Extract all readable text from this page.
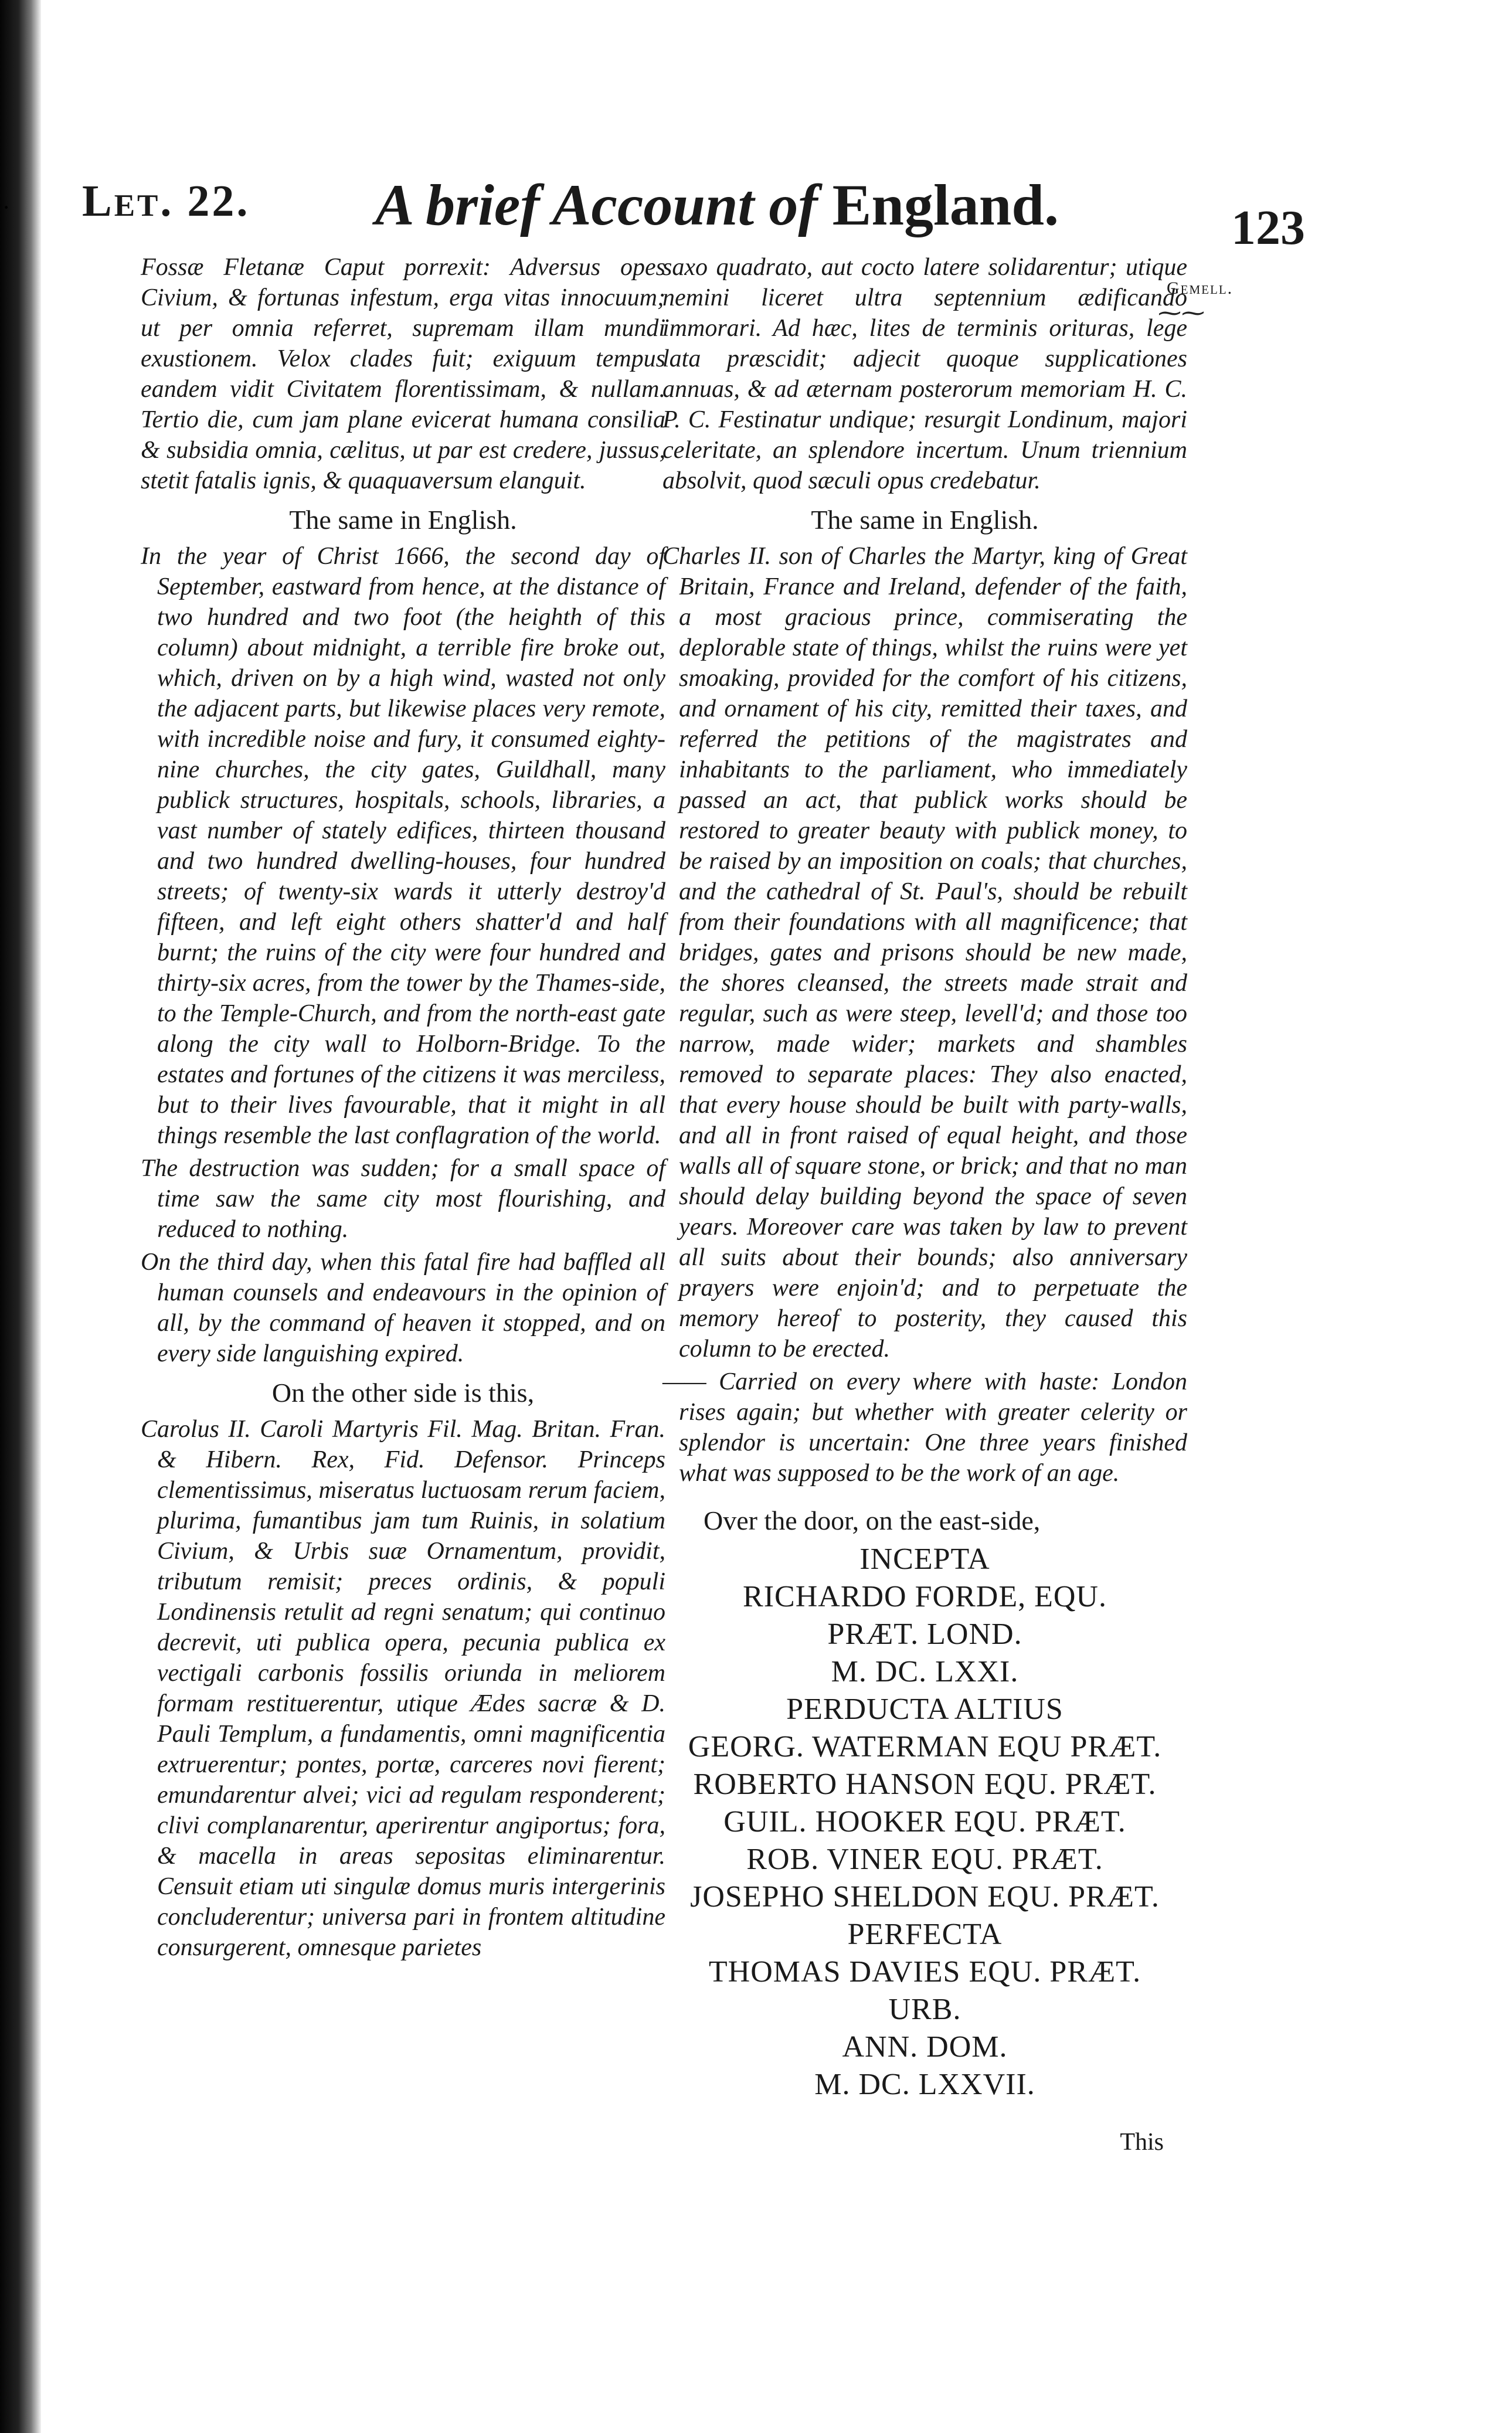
· Let. 22. A brief Account of England.	123
Gemell.
⁓⁓

Fossæ Fletanæ Caput porrexit: Adversus opes Civium, & fortunas infestum, erga vitas innocuum; ut per omnia referret, supremam illam mundi exustionem. Velox clades fuit; exiguum tempus eandem vidit Civitatem florentissimam, & nullam. Tertio die, cum jam plane evicerat humana consilia & subsidia omnia, cælitus, ut par est credere, jussus, stetit fatalis ignis, & quaquaversum elanguit.

The same in English.

In the year of Christ 1666, the second day of September, eastward from hence, at the distance of two hundred and two foot (the heighth of this column) about midnight, a terrible fire broke out, which, driven on by a high wind, wasted not only the adjacent parts, but likewise places very remote, with incredible noise and fury, it consumed eighty-nine churches, the city gates, Guildhall, many publick structures, hospitals, schools, libraries, a vast number of stately edifices, thirteen thousand and two hundred dwelling-houses, four hundred streets; of twenty-six wards it utterly destroy'd fifteen, and left eight others shatter'd and half burnt; the ruins of the city were four hundred and thirty-six acres, from the tower by the Thames-side, to the Temple-Church, and from the north-east gate along the city wall to Holborn-Bridge. To the estates and fortunes of the citizens it was merciless, but to their lives favourable, that it might in all things resemble the last conflagration of the world.

The destruction was sudden; for a small space of time saw the same city most flourishing, and reduced to nothing.

On the third day, when this fatal fire had baffled all human counsels and endeavours in the opinion of all, by the command of heaven it stopped, and on every side languishing expired.

On the other side is this,

Carolus II. Caroli Martyris Fil. Mag. Britan. Fran. & Hibern. Rex, Fid. Defensor. Princeps clementissimus, miseratus luctuosam rerum faciem, plurima, fumantibus jam tum Ruinis, in solatium Civium, & Urbis suæ Ornamentum, providit, tributum remisit; preces ordinis, & populi Londinensis retulit ad regni senatum; qui continuo decrevit, uti publica opera, pecunia publica ex vectigali carbonis fossilis oriunda in meliorem formam restituerentur, utique Ædes sacræ & D. Pauli Templum, a fundamentis, omni magnificentia extruerentur; pontes, portæ, carceres novi fierent; emundarentur alvei; vici ad regulam responderent; clivi complanarentur, aperirentur angiportus; fora, & macella in areas sepositas eliminarentur. Censuit etiam uti singulæ domus muris intergerinis concluderentur; universa pari in frontem altitudine consurgerent, omnesque parietes

saxo quadrato, aut cocto latere solidarentur; utique nemini liceret ultra septennium ædificando immorari. Ad hæc, lites de terminis orituras, lege lata præscidit; adjecit quoque supplicationes annuas, & ad æternam posterorum memoriam H. C. P. C. Festinatur undique; resurgit Londinum, majori celeritate, an splendore incertum. Unum triennium absolvit, quod sæculi opus credebatur.

The same in English.

Charles II. son of Charles the Martyr, king of Great Britain, France and Ireland, defender of the faith, a most gracious prince, commiserating the deplorable state of things, whilst the ruins were yet smoaking, provided for the comfort of his citizens, and ornament of his city, remitted their taxes, and referred the petitions of the magistrates and inhabitants to the parliament, who immediately passed an act, that publick works should be restored to greater beauty with publick money, to be raised by an imposition on coals; that churches, and the cathedral of St. Paul's, should be rebuilt from their foundations with all magnificence; that bridges, gates and prisons should be new made, the shores cleansed, the streets made strait and regular, such as were steep, levell'd; and those too narrow, made wider; markets and shambles removed to separate places: They also enacted, that every house should be built with party-walls, and all in front raised of equal height, and those walls all of square stone, or brick; and that no man should delay building beyond the space of seven years. Moreover care was taken by law to prevent all suits about their bounds; also anniversary prayers were enjoin'd; and to perpetuate the memory hereof to posterity, they caused this column to be erected.

—— Carried on every where with haste: London rises again; but whether with greater celerity or splendor is uncertain: One three years finished what was supposed to be the work of an age.

Over the door, on the east-side,
INCEPTA
RICHARDO FORDE, EQU.
PRÆT. LOND.
M. DC. LXXI.
PERDUCTA ALTIUS
GEORG. WATERMAN EQU PRÆT.
ROBERTO HANSON EQU. PRÆT.
GUIL. HOOKER EQU. PRÆT.
ROB. VINER EQU. PRÆT.
JOSEPHO SHELDON EQU. PRÆT.
PERFECTA
THOMAS DAVIES EQU. PRÆT.
URB.
ANN. DOM.
M. DC. LXXVII.
This
